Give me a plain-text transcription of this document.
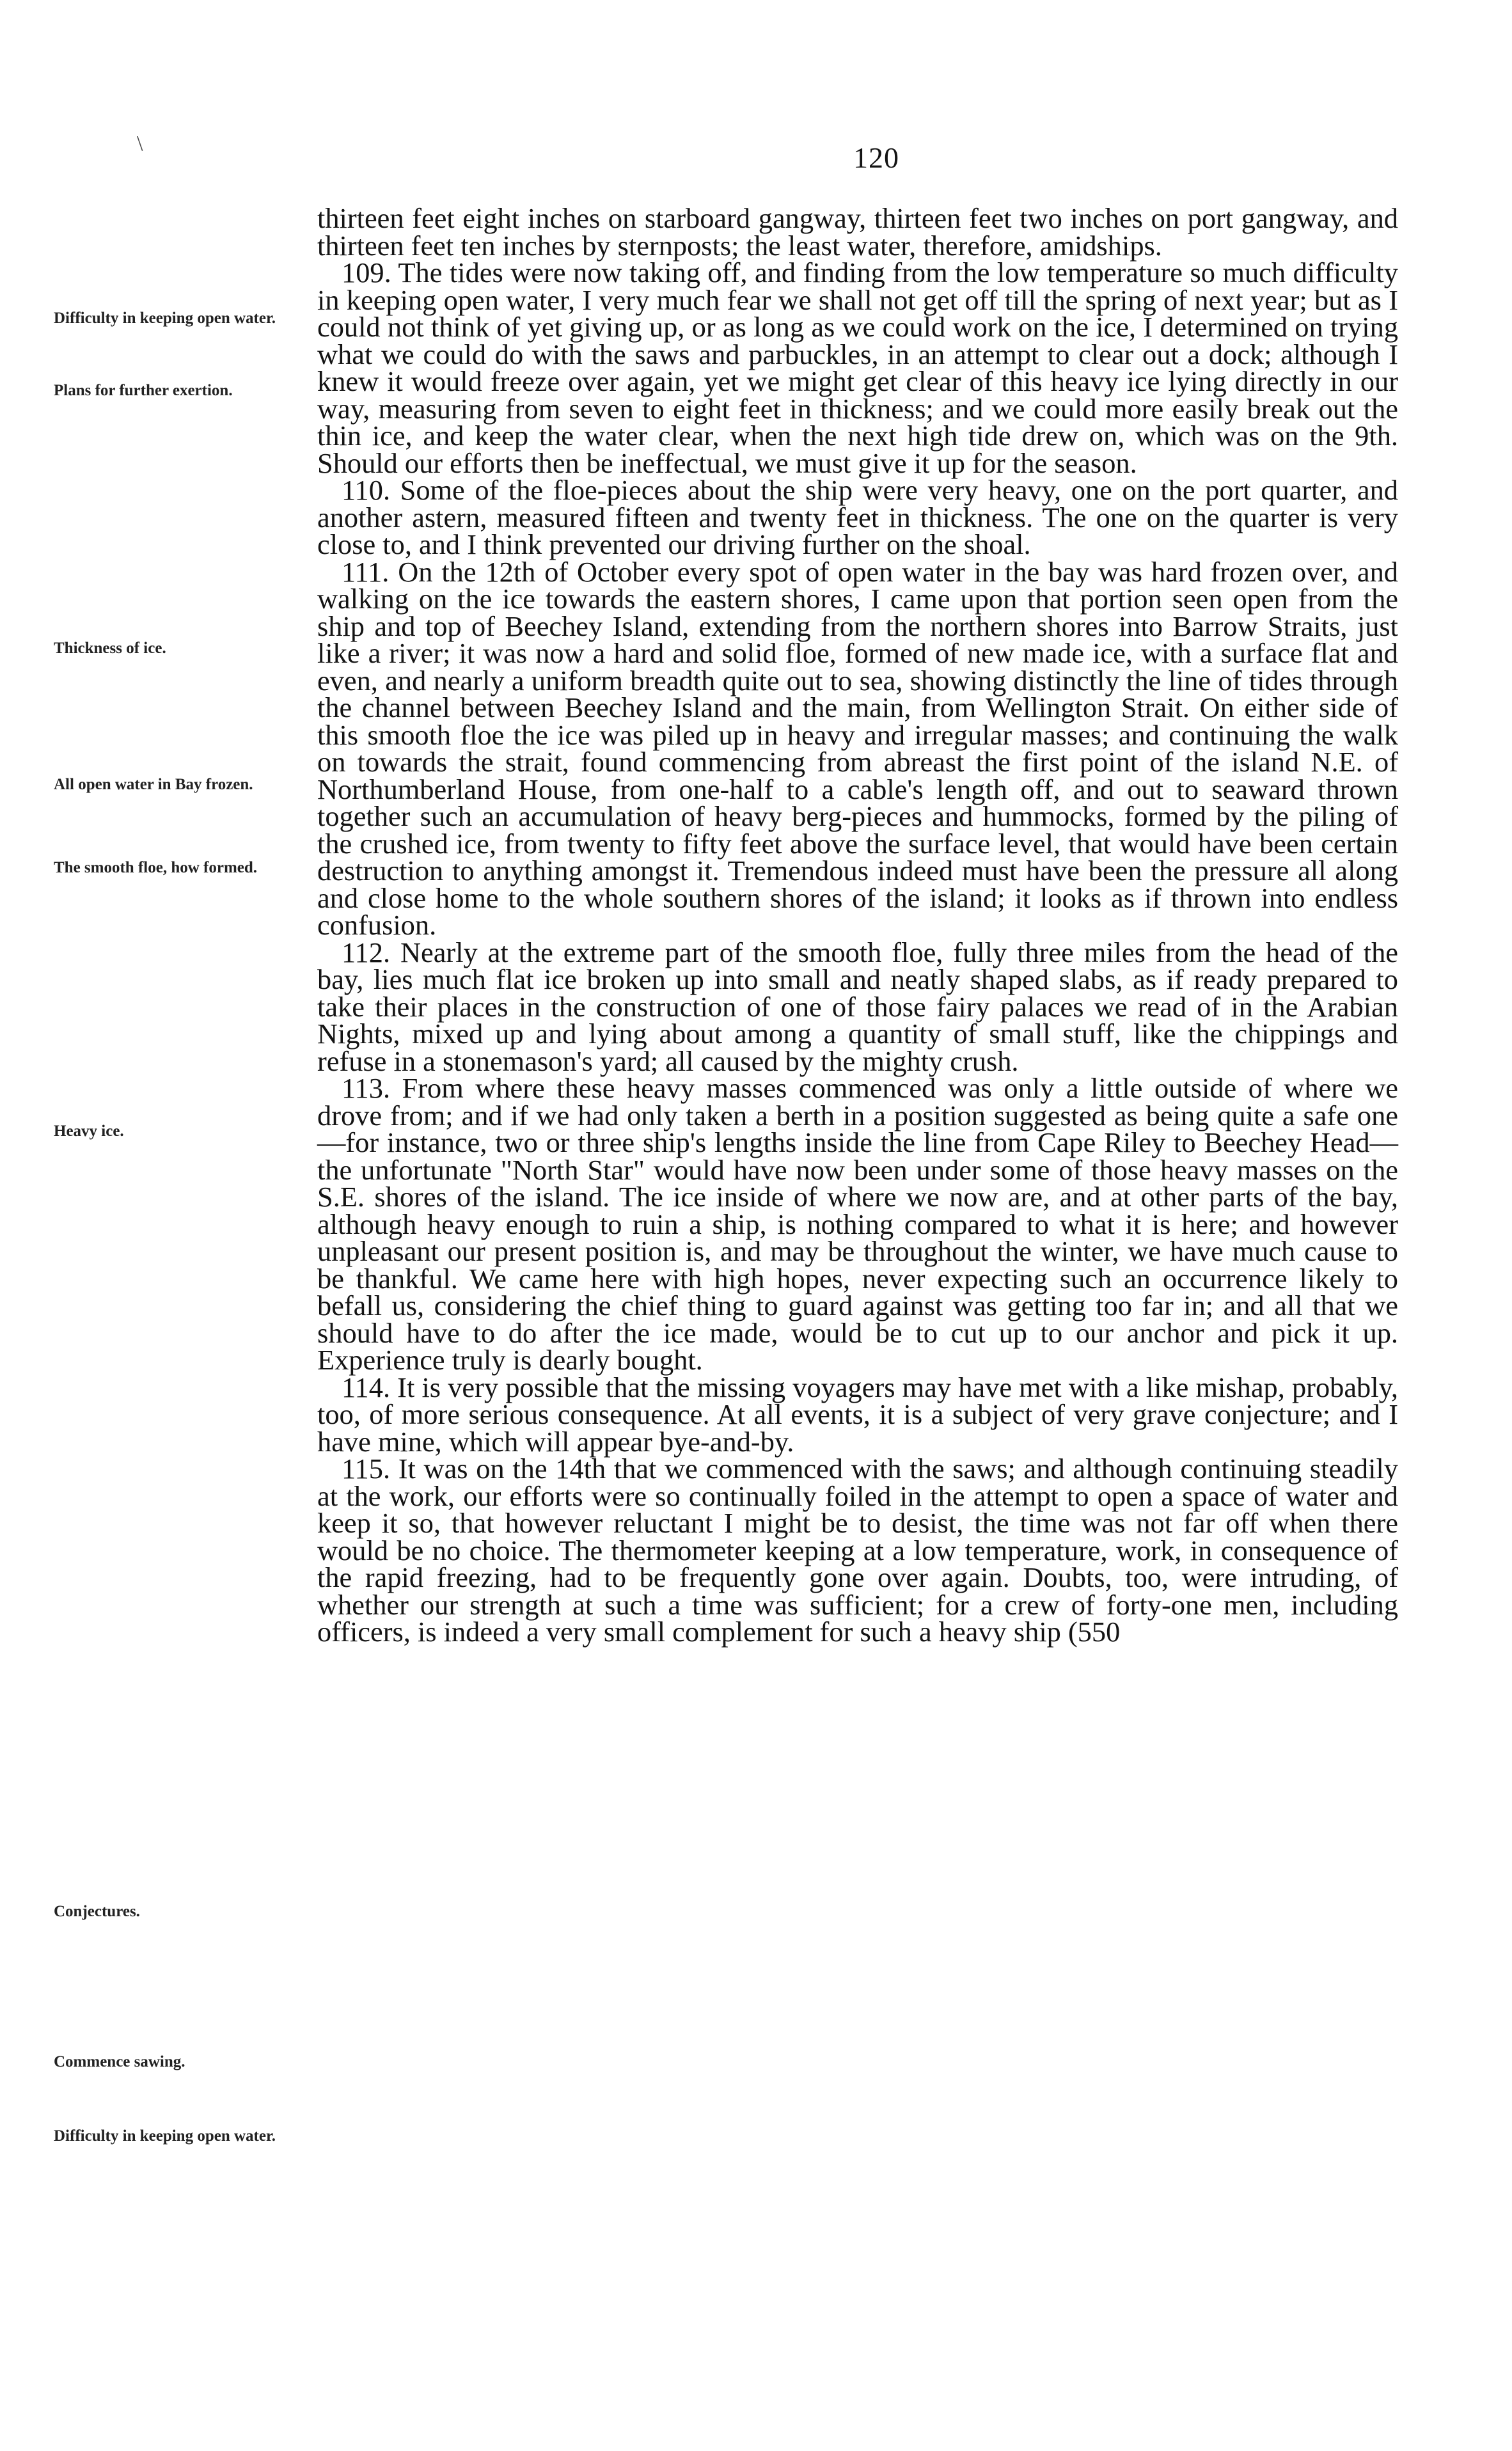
\	120
Difficulty in keeping open water.
Plans for further exertion.
Thickness of ice.
All open water in Bay frozen.
The smooth floe, how formed.
Heavy ice.
Conjectures.
Commence sawing.
Difficulty in keeping open water.

thirteen feet eight inches on starboard gangway, thirteen feet two inches on port gangway, and thirteen feet ten inches by sternposts; the least water, therefore, amidships.

109. The tides were now taking off, and finding from the low temperature so much difficulty in keeping open water, I very much fear we shall not get off till the spring of next year; but as I could not think of yet giving up, or as long as we could work on the ice, I determined on trying what we could do with the saws and parbuckles, in an attempt to clear out a dock; although I knew it would freeze over again, yet we might get clear of this heavy ice lying directly in our way, measuring from seven to eight feet in thickness; and we could more easily break out the thin ice, and keep the water clear, when the next high tide drew on, which was on the 9th. Should our efforts then be ineffectual, we must give it up for the season.

110. Some of the floe-pieces about the ship were very heavy, one on the port quarter, and another astern, measured fifteen and twenty feet in thickness. The one on the quarter is very close to, and I think prevented our driving further on the shoal.

111. On the 12th of October every spot of open water in the bay was hard frozen over, and walking on the ice towards the eastern shores, I came upon that portion seen open from the ship and top of Beechey Island, extending from the northern shores into Barrow Straits, just like a river; it was now a hard and solid floe, formed of new made ice, with a surface flat and even, and nearly a uniform breadth quite out to sea, showing distinctly the line of tides through the channel between Beechey Island and the main, from Wellington Strait. On either side of this smooth floe the ice was piled up in heavy and irregular masses; and continuing the walk on towards the strait, found commencing from abreast the first point of the island N.E. of Northumberland House, from one-half to a cable's length off, and out to seaward thrown together such an accumulation of heavy berg-pieces and hummocks, formed by the piling of the crushed ice, from twenty to fifty feet above the surface level, that would have been certain destruction to anything amongst it. Tremendous indeed must have been the pressure all along and close home to the whole southern shores of the island; it looks as if thrown into endless confusion.

112. Nearly at the extreme part of the smooth floe, fully three miles from the head of the bay, lies much flat ice broken up into small and neatly shaped slabs, as if ready prepared to take their places in the construction of one of those fairy palaces we read of in the Arabian Nights, mixed up and lying about among a quantity of small stuff, like the chippings and refuse in a stonemason's yard; all caused by the mighty crush.

113. From where these heavy masses commenced was only a little outside of where we drove from; and if we had only taken a berth in a position suggested as being quite a safe one—for instance, two or three ship's lengths inside the line from Cape Riley to Beechey Head—the unfortunate "North Star" would have now been under some of those heavy masses on the S.E. shores of the island. The ice inside of where we now are, and at other parts of the bay, although heavy enough to ruin a ship, is nothing compared to what it is here; and however unpleasant our present position is, and may be throughout the winter, we have much cause to be thankful. We came here with high hopes, never expecting such an occurrence likely to befall us, considering the chief thing to guard against was getting too far in; and all that we should have to do after the ice made, would be to cut up to our anchor and pick it up. Experience truly is dearly bought.

114. It is very possible that the missing voyagers may have met with a like mishap, probably, too, of more serious consequence. At all events, it is a subject of very grave conjecture; and I have mine, which will appear bye-and-by.

115. It was on the 14th that we commenced with the saws; and although continuing steadily at the work, our efforts were so continually foiled in the attempt to open a space of water and keep it so, that however reluctant I might be to desist, the time was not far off when there would be no choice. The thermometer keeping at a low temperature, work, in consequence of the rapid freezing, had to be frequently gone over again. Doubts, too, were intruding, of whether our strength at such a time was sufficient; for a crew of forty-one men, including officers, is indeed a very small complement for such a heavy ship (550
